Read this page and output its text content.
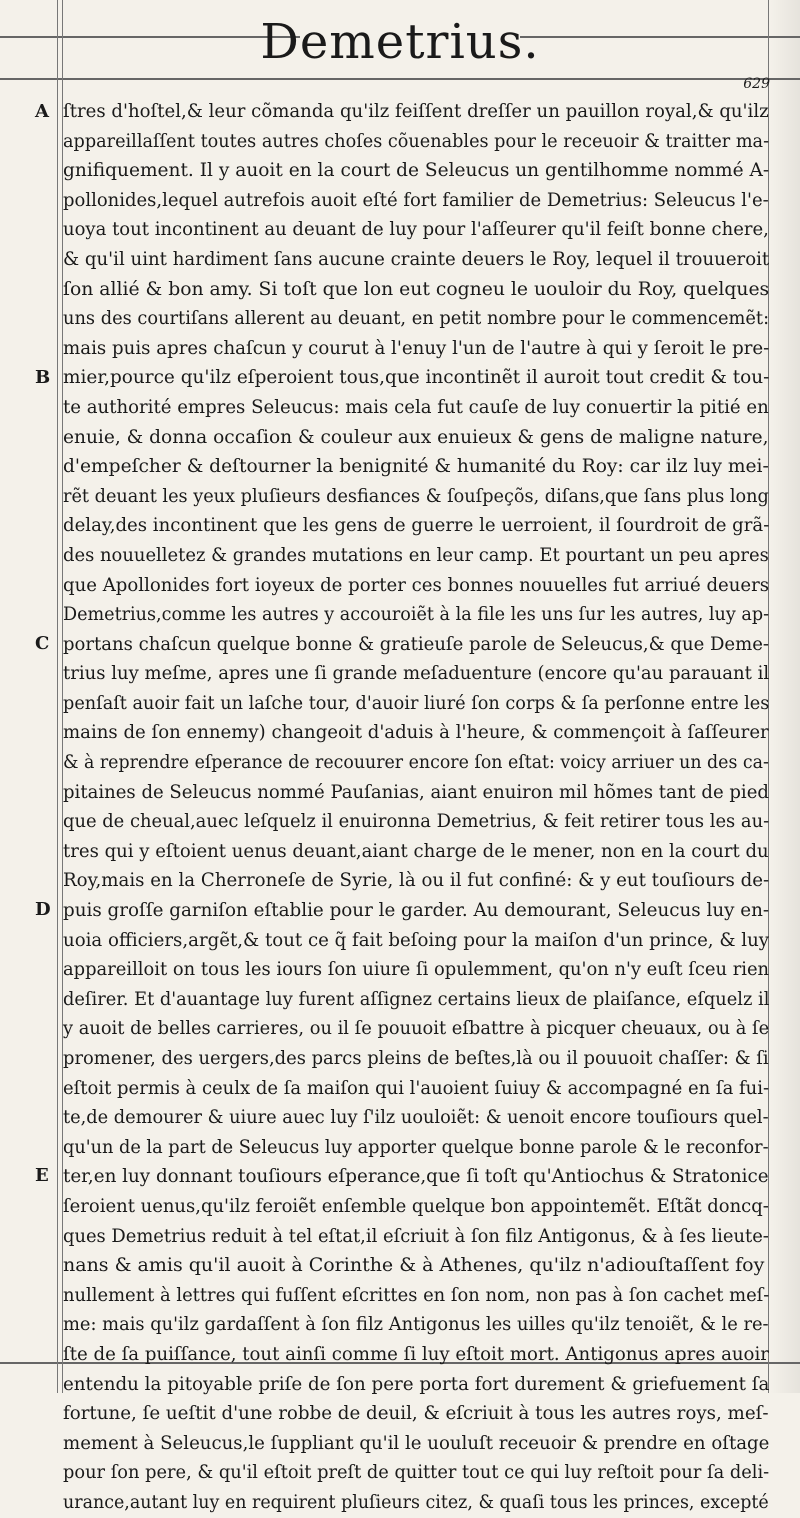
Demetrius.
629
A
B
C
D
E
ſtres d'hoſtel,& leur cõmanda qu'ilz feiſſent dreſſer un pauillon royal,& qu'ilz
appareillaſſent toutes autres choſes cõuenables pour le receuoir & traitter ma-
gnifiquement. Il y auoit en la court de Seleucus un gentilhomme nommé A-
pollonides,lequel autrefois auoit eſté fort familier de Demetrius: Seleucus l'e-
uoya tout incontinent au deuant de luy pour l'aſſeurer qu'il feiſt bonne chere,
& qu'il uint hardiment ſans aucune crainte deuers le Roy, lequel il trouueroit
ſon allié & bon amy. Si toſt que lon eut cogneu le uouloir du Roy, quelques
uns des courtiſans allerent au deuant, en petit nombre pour le commencemẽt:
mais puis apres chaſcun y courut à l'enuy l'un de l'autre à qui y ſeroit le pre-
mier,pource qu'ilz eſperoient tous,que incontinẽt il auroit tout credit & tou-
te authorité empres Seleucus: mais cela fut cauſe de luy conuertir la pitié en
enuie, & donna occaſion & couleur aux enuieux & gens de maligne nature,
d'empeſcher & deſtourner la benignité & humanité du Roy: car ilz luy mei-
rẽt deuant les yeux pluſieurs desfiances & ſouſpeçõs, diſans,que ſans plus long
delay,des incontinent que les gens de guerre le uerroient, il ſourdroit de grã-
des nouuelletez & grandes mutations en leur camp. Et pourtant un peu apres
que Apollonides fort ioyeux de porter ces bonnes nouuelles fut arriué deuers
Demetrius,comme les autres y accouroiẽt à la file les uns ſur les autres, luy ap-
portans chaſcun quelque bonne & gratieuſe parole de Seleucus,& que Deme-
trius luy meſme, apres une ſi grande meſaduenture (encore qu'au parauant il
penſaſt auoir fait un laſche tour, d'auoir liuré ſon corps & ſa perſonne entre les
mains de ſon ennemy) changeoit d'aduis à l'heure, & commençoit à ſaſſeurer
& à reprendre eſperance de recouurer encore ſon eſtat: voicy arriuer un des ca-
pitaines de Seleucus nommé Pauſanias, aiant enuiron mil hõmes tant de pied
que de cheual,auec leſquelz il enuironna Demetrius, & feit retirer tous les au-
tres qui y eſtoient uenus deuant,aiant charge de le mener, non en la court du
Roy,mais en la Cherroneſe de Syrie, là ou il fut confiné: & y eut touſiours de-
puis groſſe garniſon eſtablie pour le garder. Au demourant, Seleucus luy en-
uoia officiers,argẽt,& tout ce q̃ fait beſoing pour la maiſon d'un prince, & luy
appareilloit on tous les iours ſon uiure ſi opulemment, qu'on n'y euſt ſceu rien
deſirer. Et d'auantage luy furent aſſignez certains lieux de plaiſance, eſquelz il
y auoit de belles carrieres, ou il ſe pouuoit eſbattre à picquer cheuaux, ou à ſe
promener, des uergers,des parcs pleins de beſtes,là ou il pouuoit chaſſer: & ſi
eſtoit permis à ceulx de ſa maiſon qui l'auoient ſuiuy & accompagné en ſa fui-
te,de demourer & uiure auec luy ſ'ilz uouloiẽt: & uenoit encore touſiours quel-
qu'un de la part de Seleucus luy apporter quelque bonne parole & le reconfor-
ter,en luy donnant touſiours eſperance,que ſi toſt qu'Antiochus & Stratonice
ſeroient uenus,qu'ilz feroiẽt enſemble quelque bon appointemẽt. Eſtãt doncq-
ques Demetrius reduit à tel eſtat,il eſcriuit à ſon filz Antigonus, & à ſes lieute-
nans & amis qu'il auoit à Corinthe & à Athenes, qu'ilz n'adiouſtaſſent foy
nullement à lettres qui fuſſent eſcrittes en ſon nom, non pas à ſon cachet meſ-
me: mais qu'ilz gardaſſent à ſon filz Antigonus les uilles qu'ilz tenoiẽt, & le re-
ſte de ſa puiſſance, tout ainſi comme ſi luy eſtoit mort. Antigonus apres auoir
entendu la pitoyable priſe de ſon pere porta fort durement & griefuement ſa
fortune, ſe ueſtit d'une robbe de deuil, & eſcriuit à tous les autres roys, meſ-
mement à Seleucus,le ſuppliant qu'il le uouluſt receuoir & prendre en oſtage
pour ſon pere, & qu'il eſtoit preſt de quitter tout ce qui luy reſtoit pour ſa deli-
urance,autant luy en requirent pluſieurs citez, & quaſi tous les princes, excepté
